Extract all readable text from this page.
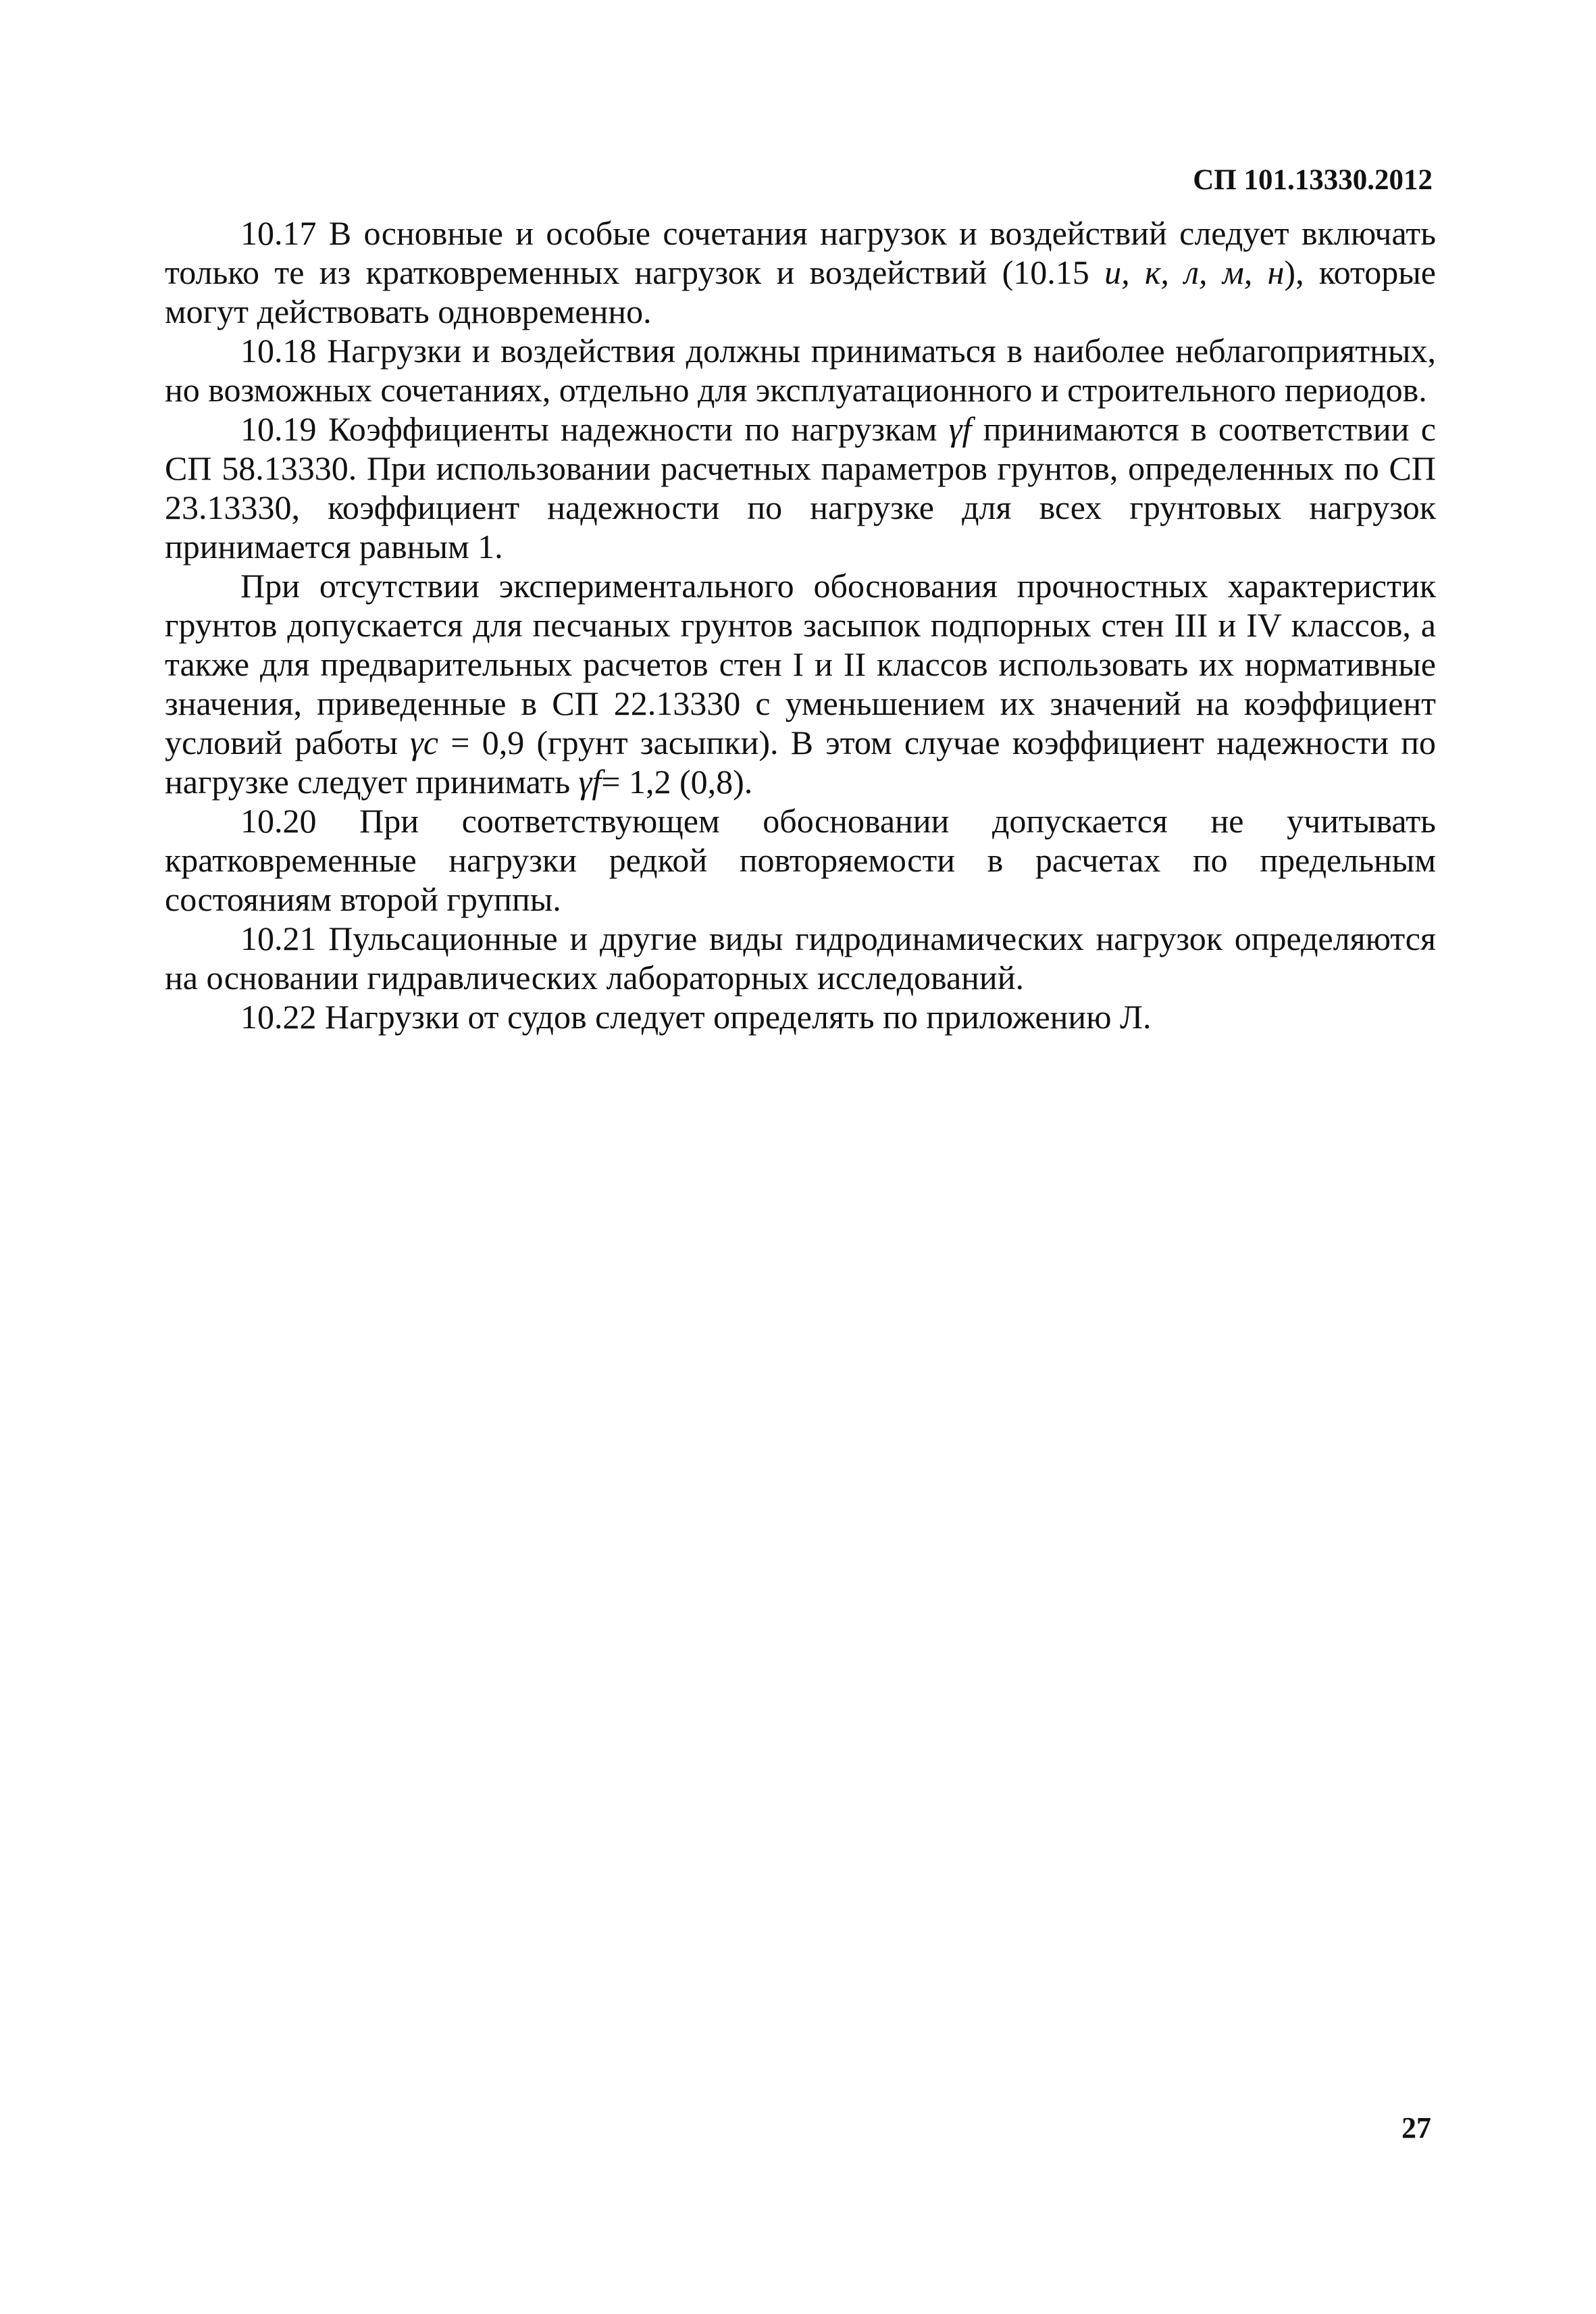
СП 101.13330.2012

10.17 В основные и особые сочетания нагрузок и воздействий следует включать только те из кратковременных нагрузок и воздействий (10.15 и, к, л, м, н), которые могут действовать одновременно.

10.18 Нагрузки и воздействия должны приниматься в наиболее неблагоприятных, но возможных сочетаниях, отдельно для эксплуатационного и строительного периодов.

10.19 Коэффициенты надежности по нагрузкам γf принимаются в соответствии с СП 58.13330. При использовании расчетных параметров грунтов, определенных по СП 23.13330, коэффициент надежности по нагрузке для всех грунтовых нагрузок принимается равным 1.

При отсутствии экспериментального обоснования прочностных характеристик грунтов допускается для песчаных грунтов засыпок подпорных стен III и IV классов, а также для предварительных расчетов стен I и II классов использовать их нормативные значения, приведенные в СП 22.13330 с уменьшением их значений на коэффициент условий работы γc = 0,9 (грунт засыпки). В этом случае коэффициент надежности по нагрузке следует принимать γf= 1,2 (0,8).

10.20 При соответствующем обосновании допускается не учитывать кратковременные нагрузки редкой повторяемости в расчетах по предельным состояниям второй группы.

10.21 Пульсационные и другие виды гидродинамических нагрузок определяются на основании гидравлических лабораторных исследований.

10.22 Нагрузки от судов следует определять по приложению Л.

27
